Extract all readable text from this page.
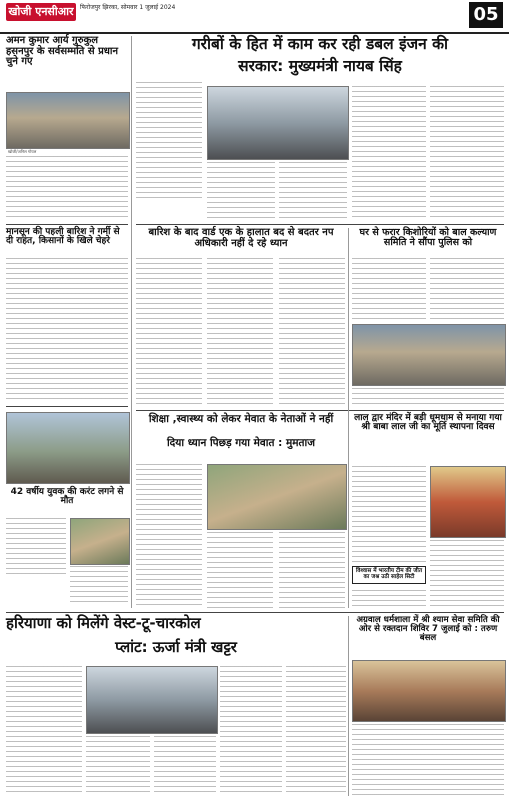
खोजी एनसीआर	फिरोजपुर झिरका, सोमवार 1 जुलाई 2024	05
अमन कुमार आर्य गुरुकुल हसनपुर के सर्वसम्मति से प्रधान चुने गए
खोजी/अनिल गोयल
मानसून की पहली बारिश ने गर्मी से दी राहत, किसानों के खिले चेहरे
42 वर्षीय युवक की करंट लगने से मौत
गरीबों के हित में काम कर रही डबल इंजन की
सरकार: मुख्यमंत्री नायब सिंह
बारिश के बाद वार्ड एक के हालात बद से बदतर नप अधिकारी नहीं दे रहे ध्यान
घर से फरार किशोरियों को बाल कल्याण समिति ने सौंपा पुलिस को
शिक्षा ,स्वास्थ्य को लेकर मेवात के नेताओं ने नहीं
दिया ध्यान पिछड़ गया मेवात : मुमताज
लाल द्वार मंदिर में बड़ी धूमधाम से मनाया गया श्री बाबा लाल जी का मूर्ति स्थापना दिवस
विश्वास में भारतीय टीम की जीत का जश्न उठी साहेल सिटी
हरियाणा को मिलेंगे वेस्ट-टू-चारकोल
प्लांट: ऊर्जा मंत्री खट्टर
अग्रवाल धर्मशाला में श्री श्याम सेवा समिति की ओर से रक्तदान शिविर 7 जुलाई को : तरुण बंसल
